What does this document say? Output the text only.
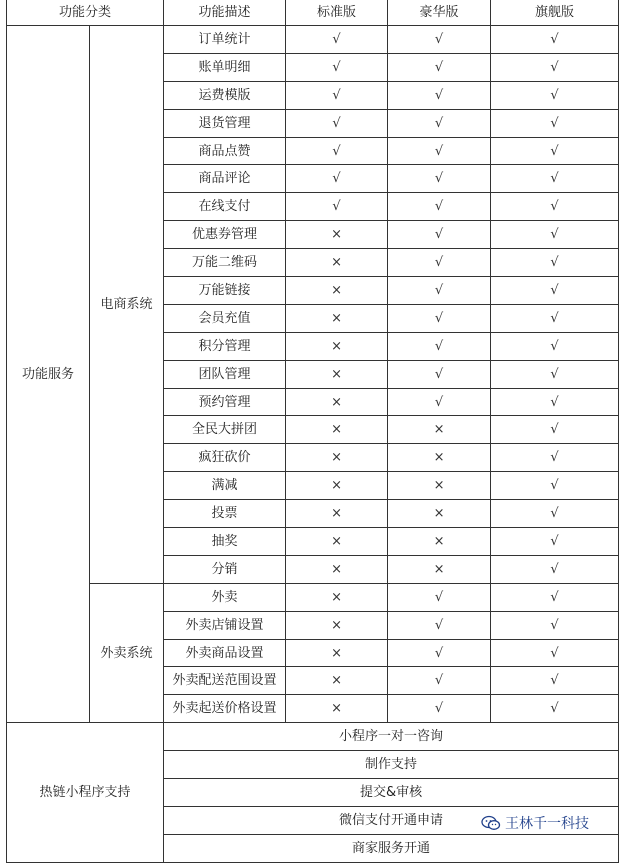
功能分类		功能描述	标准版	豪华版	旗舰版
功能服务	电商系统	订单统计	√	√	√
		账单明细	√	√	√
		运费模版	√	√	√
		退货管理	√	√	√
		商品点赞	√	√	√
		商品评论	√	√	√
		在线支付	√	√	√
		优惠券管理	×	√	√
		万能二维码	×	√	√
		万能链接	×	√	√
		会员充值	×	√	√
		积分管理	×	√	√
		团队管理	×	√	√
		预约管理	×	√	√
		全民大拼团	×	×	√
		疯狂砍价	×	×	√
		满减	×	×	√
		投票	×	×	√
		抽奖	×	×	√
		分销	×	×	√
	外卖系统	外卖	×	√	√
		外卖店铺设置	×	√	√
		外卖商品设置	×	√	√
		外卖配送范围设置	×	√	√
		外卖起送价格设置	×	√	√
热链小程序支持		小程序一对一咨询			
		制作支持			
		提交&审核			
		微信支付开通申请			
		商家服务开通			
王林千一科技
